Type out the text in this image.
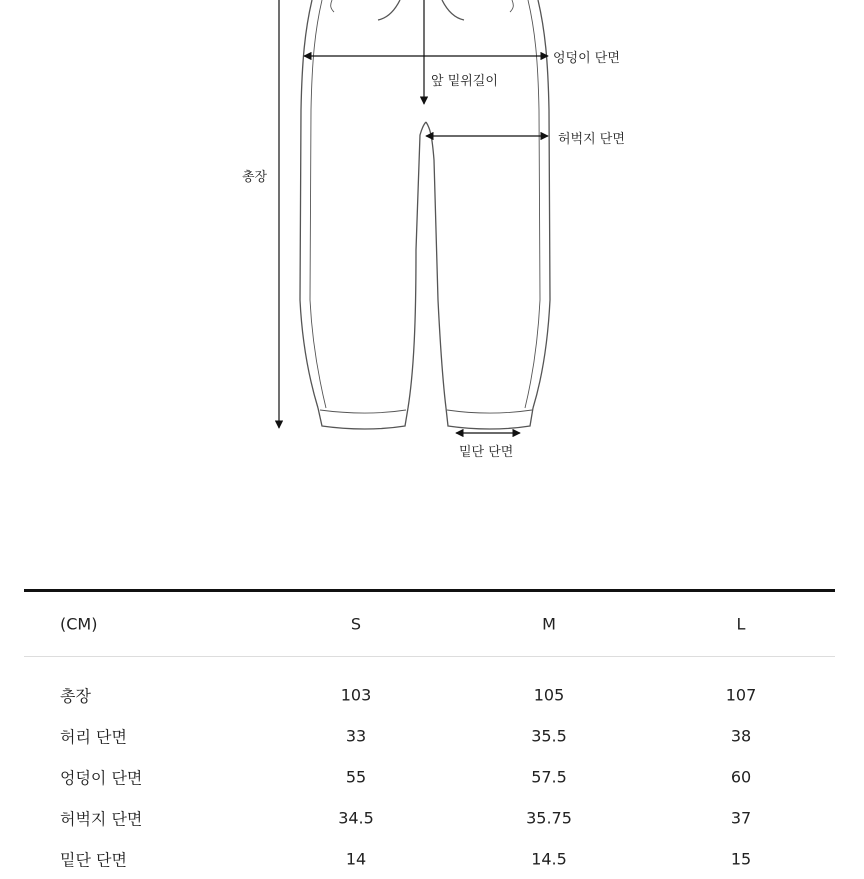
엉덩이 단면
앞 밑위길이
허벅지 단면
총장
밑단 단면
(CM)	S	M	L
총장	103	105	107
허리 단면	33	35.5	38
엉덩이 단면	55	57.5	60
허벅지 단면	34.5	35.75	37
밑단 단면	14	14.5	15
